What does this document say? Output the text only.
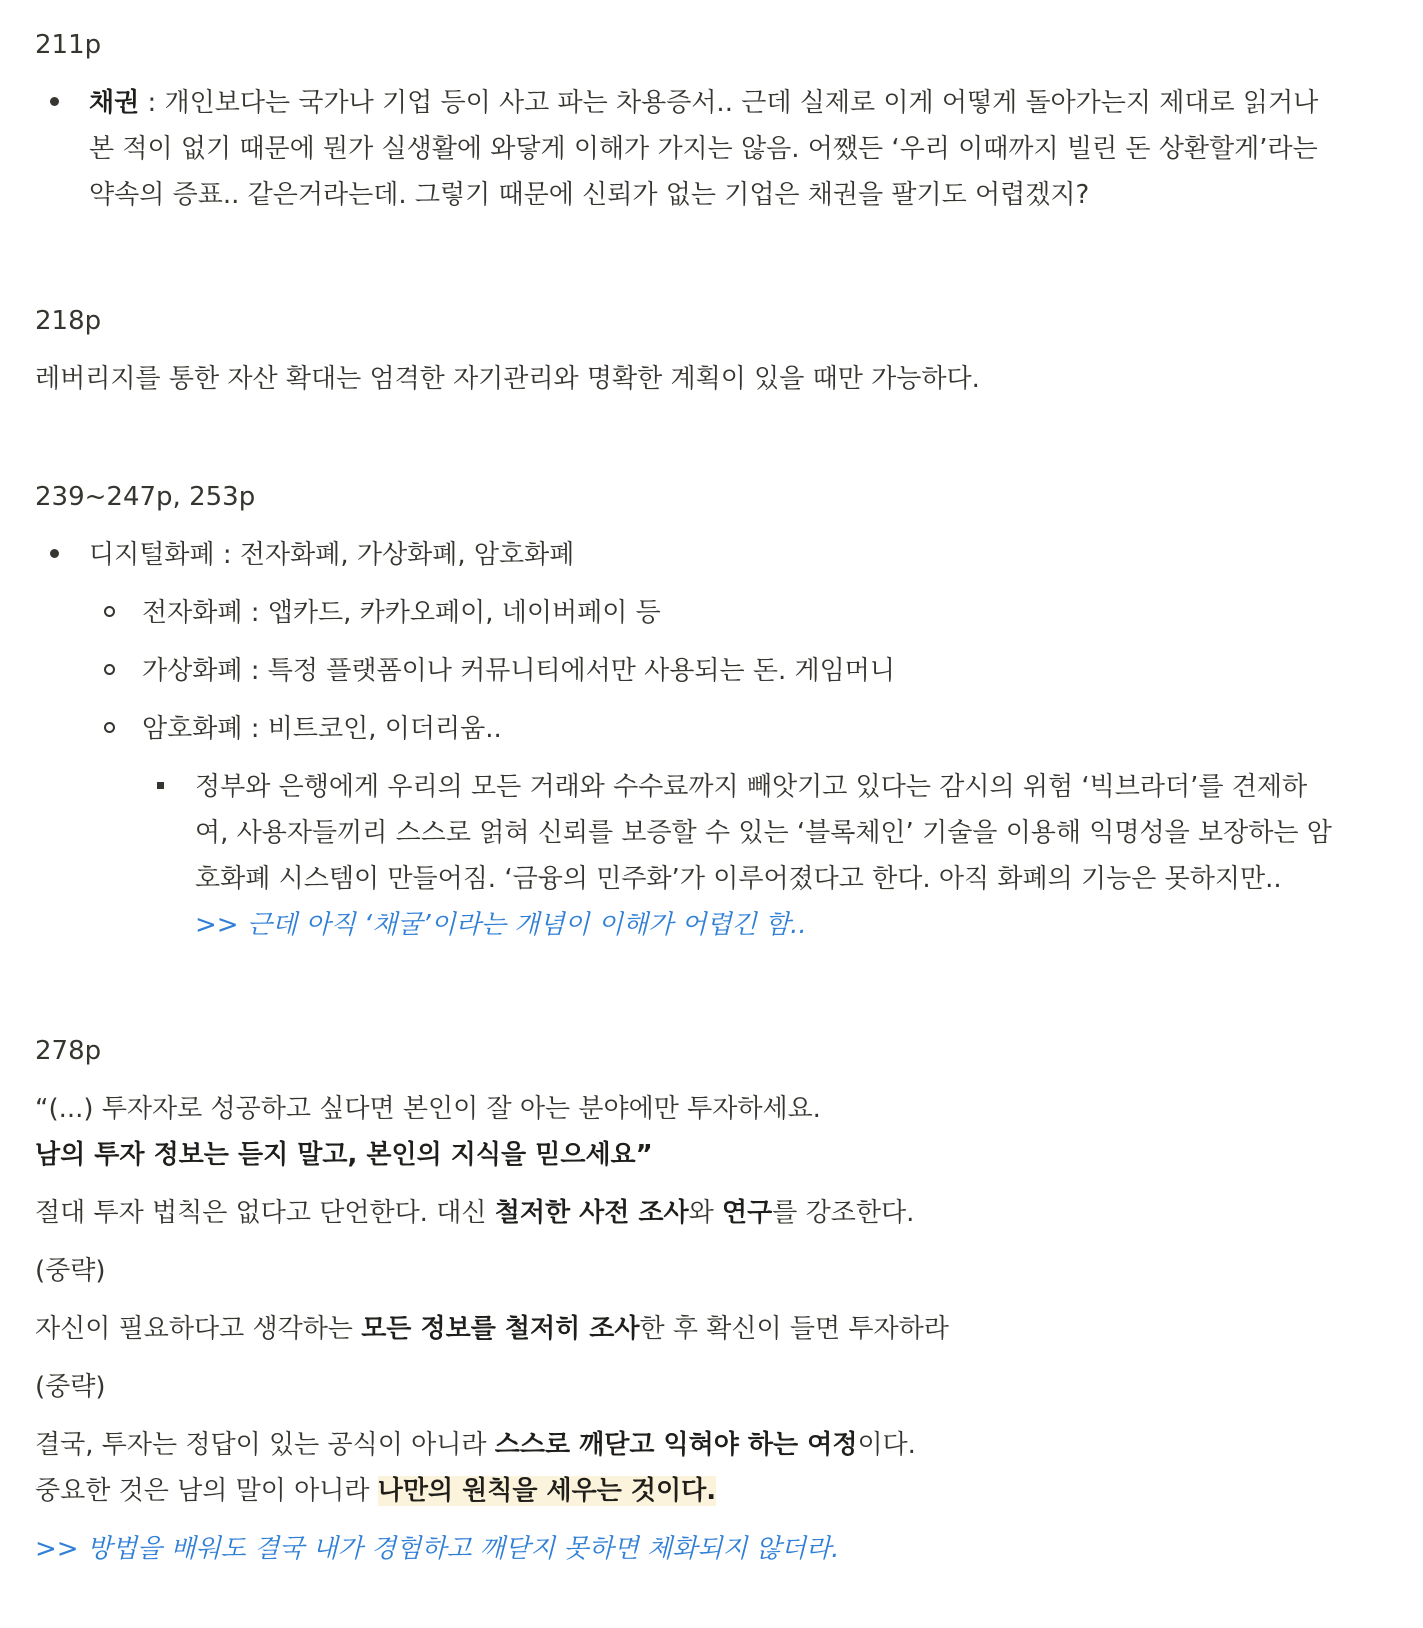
211p

채권 : 개인보다는 국가나 기업 등이 사고 파는 차용증서.. 근데 실제로 이게 어떻게 돌아가는지 제대로 읽거나
본 적이 없기 때문에 뭔가 실생활에 와닿게 이해가 가지는 않음. 어쨌든 ‘우리 이때까지 빌린 돈 상환할게’라는
약속의 증표.. 같은거라는데. 그렇기 때문에 신뢰가 없는 기업은 채권을 팔기도 어렵겠지?

218p

레버리지를 통한 자산 확대는 엄격한 자기관리와 명확한 계획이 있을 때만 가능하다.

239~247p, 253p

디지털화폐 : 전자화폐, 가상화폐, 암호화폐
전자화폐 : 앱카드, 카카오페이, 네이버페이 등
가상화폐 : 특정 플랫폼이나 커뮤니티에서만 사용되는 돈. 게임머니
암호화폐 : 비트코인, 이더리움..
정부와 은행에게 우리의 모든 거래와 수수료까지 빼앗기고 있다는 감시의 위험 ‘빅브라더’를 견제하
여, 사용자들끼리 스스로 얽혀 신뢰를 보증할 수 있는 ‘블록체인’ 기술을 이용해 익명성을 보장하는 암
호화폐 시스템이 만들어짐. ‘금융의 민주화’가 이루어졌다고 한다. 아직 화폐의 기능은 못하지만..
>> 근데 아직 ‘채굴’이라는 개념이 이해가 어렵긴 함..

278p

“(...) 투자자로 성공하고 싶다면 본인이 잘 아는 분야에만 투자하세요.
남의 투자 정보는 듣지 말고, 본인의 지식을 믿으세요”

절대 투자 법칙은 없다고 단언한다. 대신 철저한 사전 조사와 연구를 강조한다.

(중략)

자신이 필요하다고 생각하는 모든 정보를 철저히 조사한 후 확신이 들면 투자하라

(중략)

결국, 투자는 정답이 있는 공식이 아니라 스스로 깨닫고 익혀야 하는 여정이다.
중요한 것은 남의 말이 아니라 나만의 원칙을 세우는 것이다.

>> 방법을 배워도 결국 내가 경험하고 깨닫지 못하면 체화되지 않더라.
